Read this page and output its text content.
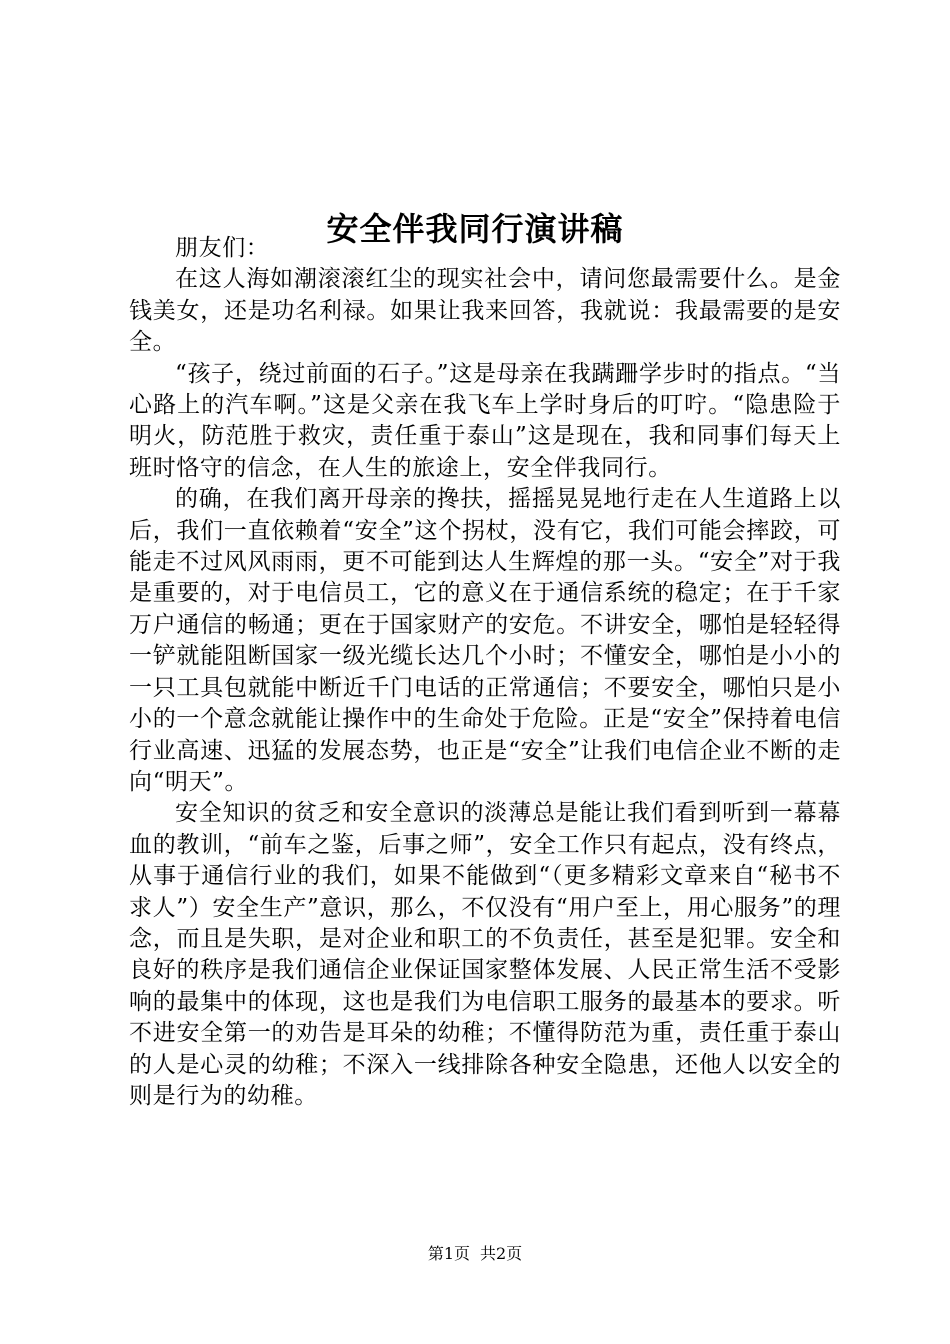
安全伴我同行演讲稿

朋友们：

在这人海如潮滚滚红尘的现实社会中，请问您最需要什么。是金钱美女，还是功名利禄。如果让我来回答，我就说：我最需要的是安全。

“孩子，绕过前面的石子。”这是母亲在我蹒跚学步时的指点。“当心路上的汽车啊。”这是父亲在我飞车上学时身后的叮咛。“隐患险于明火，防范胜于救灾，责任重于泰山”这是现在，我和同事们每天上班时恪守的信念，在人生的旅途上，安全伴我同行。

的确，在我们离开母亲的搀扶，摇摇晃晃地行走在人生道路上以后，我们一直依赖着“安全”这个拐杖，没有它，我们可能会摔跤，可能走不过风风雨雨，更不可能到达人生辉煌的那一头。“安全”对于我是重要的，对于电信员工，它的意义在于通信系统的稳定；在于千家万户通信的畅通；更在于国家财产的安危。不讲安全，哪怕是轻轻得一铲就能阻断国家一级光缆长达几个小时；不懂安全，哪怕是小小的一只工具包就能中断近千门电话的正常通信；不要安全，哪怕只是小小的一个意念就能让操作中的生命处于危险。正是“安全”保持着电信行业高速、迅猛的发展态势，也正是“安全”让我们电信企业不断的走向“明天”。

安全知识的贫乏和安全意识的淡薄总是能让我们看到听到一幕幕血的教训，“前车之鉴，后事之师”，安全工作只有起点，没有终点，从事于通信行业的我们，如果不能做到“（更多精彩文章来自“秘书不求人”）安全生产”意识，那么，不仅没有“用户至上，用心服务”的理念，而且是失职，是对企业和职工的不负责任，甚至是犯罪。安全和良好的秩序是我们通信企业保证国家整体发展、人民正常生活不受影响的最集中的体现，这也是我们为电信职工服务的最基本的要求。听不进安全第一的劝告是耳朵的幼稚；不懂得防范为重，责任重于泰山的人是心灵的幼稚；不深入一线排除各种安全隐患，还他人以安全的则是行为的幼稚。

第1页 共2页
